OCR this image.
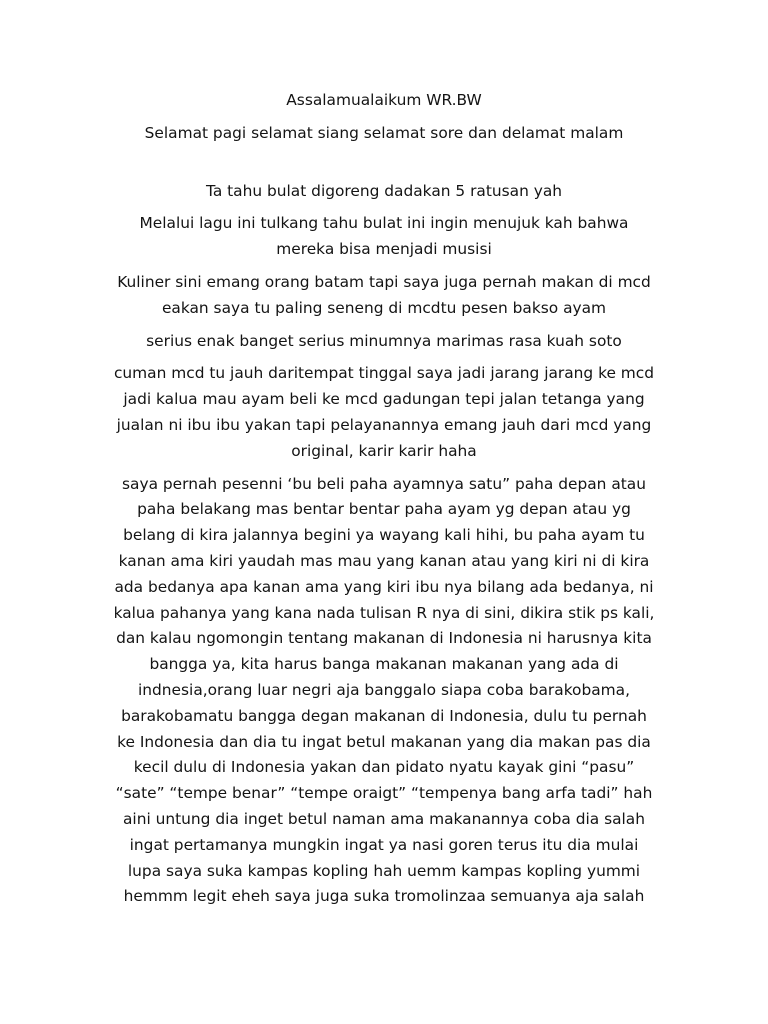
Assalamualaikum WR.BW

Selamat pagi selamat siang selamat sore dan delamat malam

Ta tahu bulat digoreng dadakan 5 ratusan yah

Melalui lagu ini tulkang tahu bulat ini ingin menujuk kah bahwa
mereka bisa menjadi musisi

Kuliner sini emang orang batam tapi saya juga pernah makan di mcd
eakan saya tu paling seneng di mcdtu pesen bakso ayam

serius enak banget serius minumnya marimas rasa kuah soto

cuman mcd tu jauh daritempat tinggal saya jadi jarang jarang ke mcd
jadi kalua mau ayam beli ke mcd gadungan tepi jalan tetanga yang
jualan ni ibu ibu yakan tapi pelayanannya emang jauh dari mcd yang
original, karir karir haha

saya pernah pesenni ‘bu beli paha ayamnya satu” paha depan atau
paha belakang mas bentar bentar paha ayam yg depan atau yg
belang di kira jalannya begini ya wayang kali hihi, bu paha ayam tu
kanan ama kiri yaudah mas mau yang kanan atau yang kiri ni di kira
ada bedanya apa kanan ama yang kiri ibu nya bilang ada bedanya, ni
kalua pahanya yang kana nada tulisan R nya di sini, dikira stik ps kali,
dan kalau ngomongin tentang makanan di Indonesia ni harusnya kita
bangga ya, kita harus banga makanan makanan yang ada di
indnesia,orang luar negri aja banggalo siapa coba barakobama,
barakobamatu bangga degan makanan di Indonesia, dulu tu pernah
ke Indonesia dan dia tu ingat betul makanan yang dia makan pas dia
kecil dulu di Indonesia yakan dan pidato nyatu kayak gini “pasu”
“sate” “tempe benar” “tempe oraigt” “tempenya bang arfa tadi” hah
aini untung dia inget betul naman ama makanannya coba dia salah
ingat pertamanya mungkin ingat ya nasi goren terus itu dia mulai
lupa saya suka kampas kopling hah uemm kampas kopling yummi
hemmm legit eheh saya juga suka tromolinzaa semuanya aja salah
